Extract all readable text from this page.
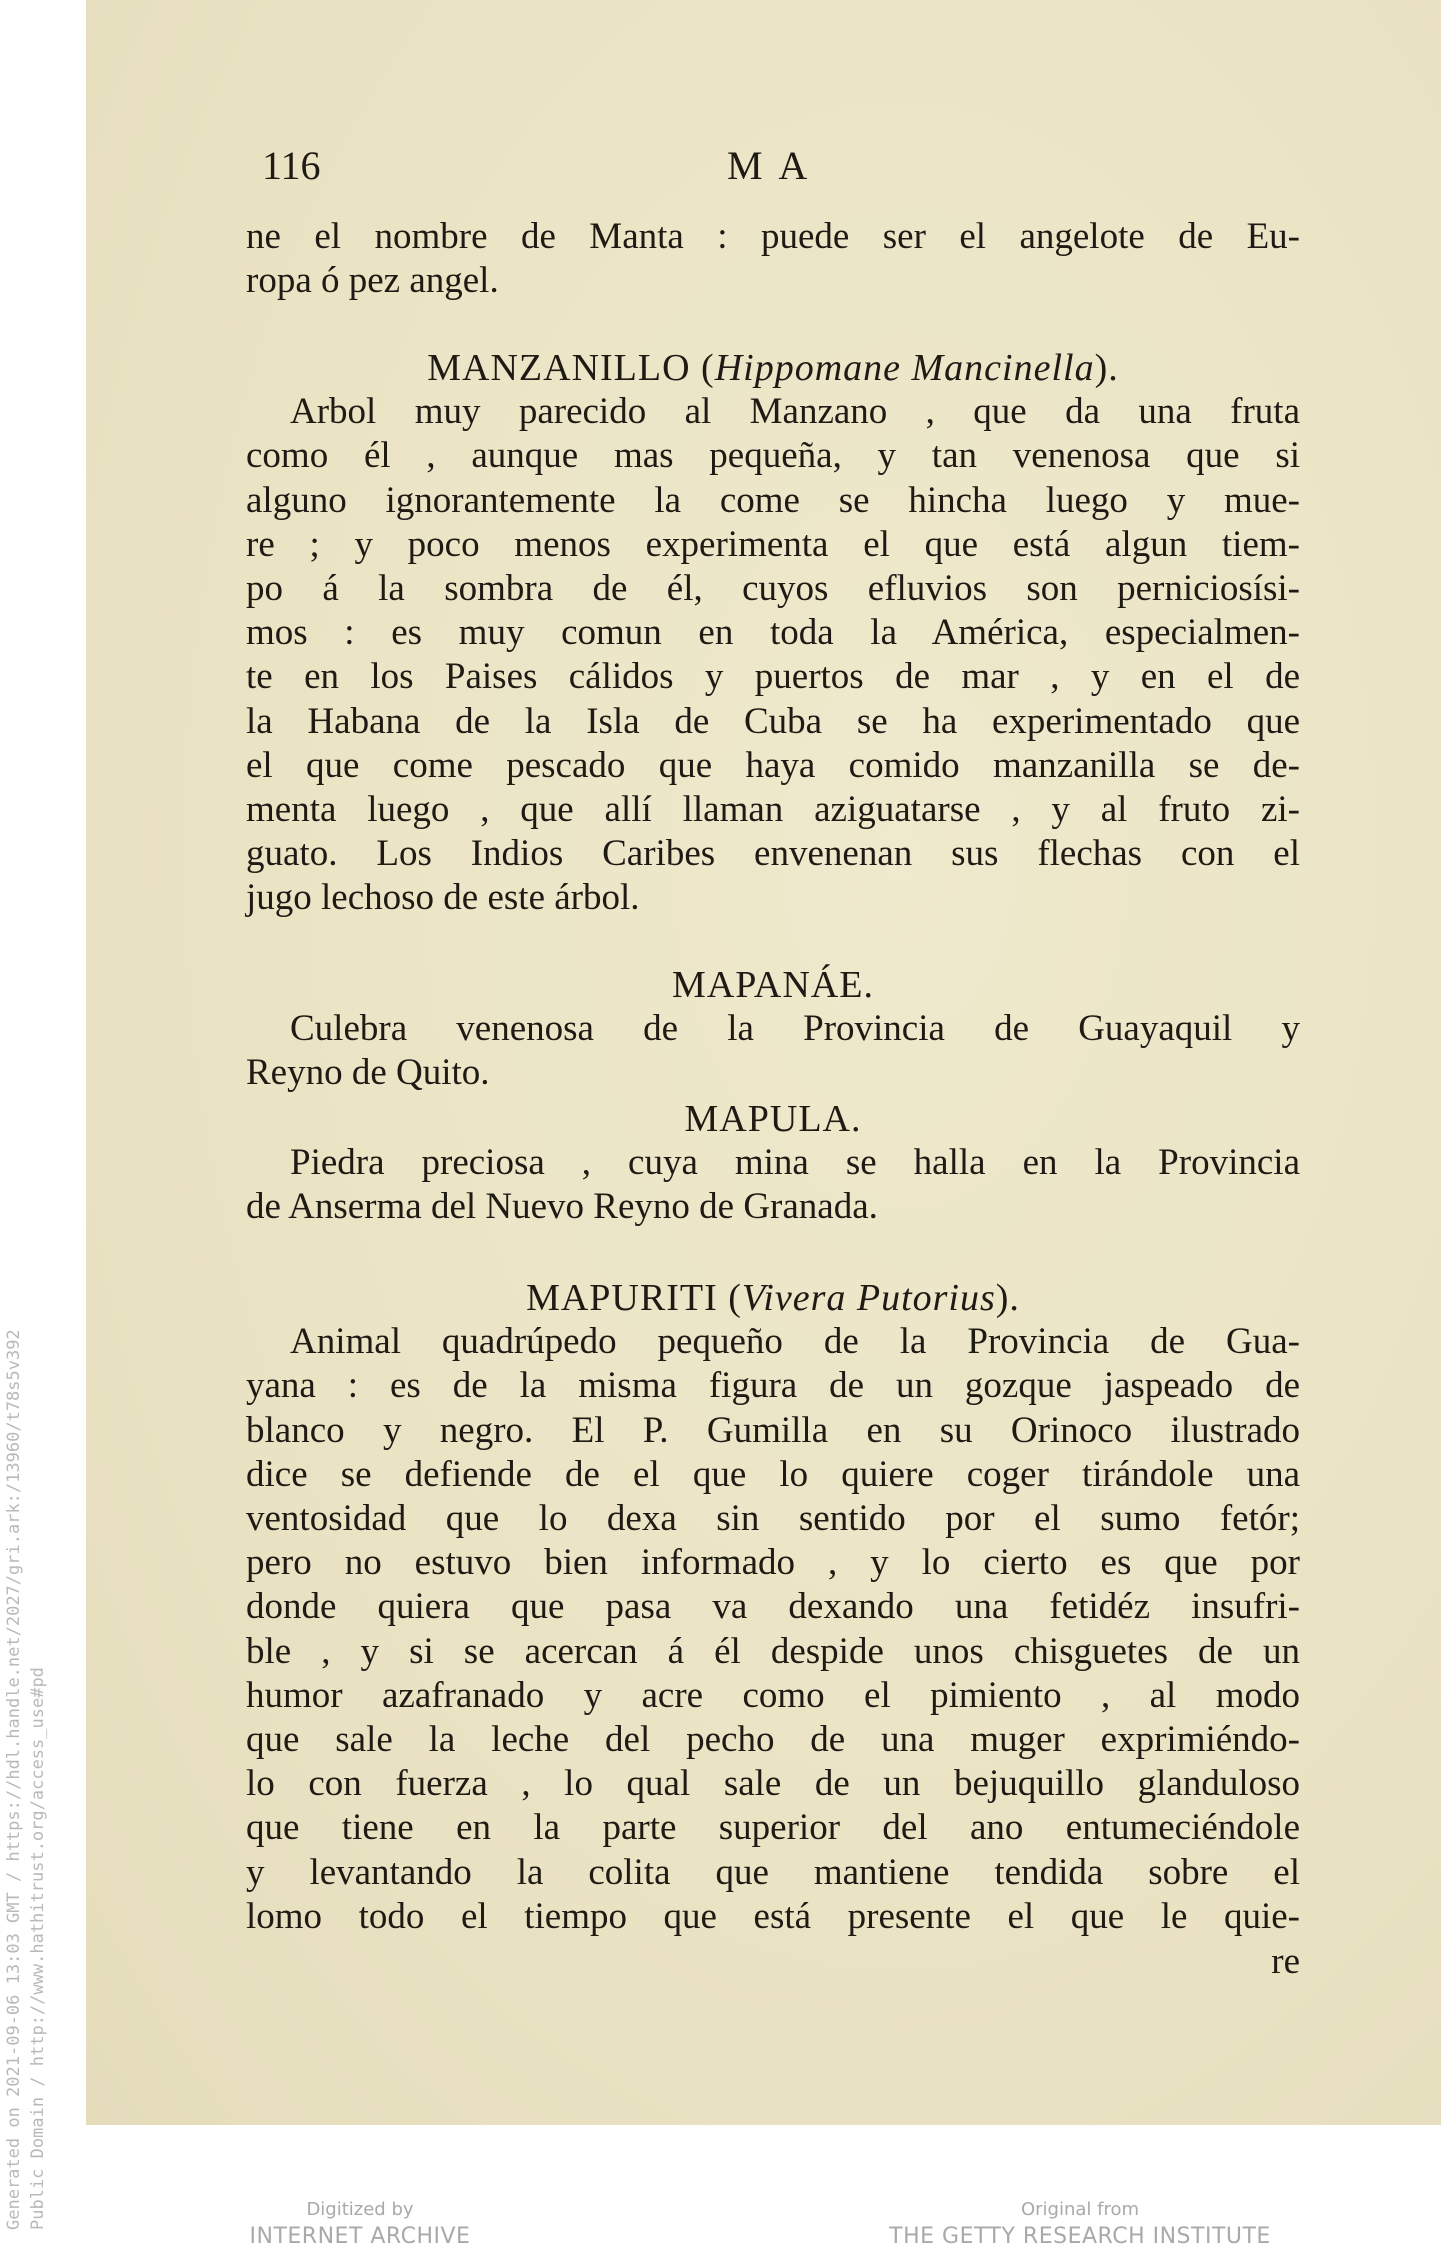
116	M A
ne el nombre de Manta : puede ser el angelote de Eu-
ropa ó pez angel.
MANZANILLO (Hippomane Mancinella).
Arbol muy parecido al Manzano , que da una fruta
como él , aunque mas pequeña, y tan venenosa que si
alguno ignorantemente la come se hincha luego y mue-
re ; y poco menos experimenta el que está algun tiem-
po á la sombra de él, cuyos efluvios son perniciosísi-
mos : es muy comun en toda la América, especialmen-
te en los Paises cálidos y puertos de mar , y en el de
la Habana de la Isla de Cuba se ha experimentado que
el que come pescado que haya comido manzanilla se de-
menta luego , que allí llaman aziguatarse , y al fruto zi-
guato. Los Indios Caribes envenenan sus flechas con el
jugo lechoso de este árbol.
MAPANÁE.
Culebra venenosa de la Provincia de Guayaquil y
Reyno de Quito.
MAPULA.
Piedra preciosa , cuya mina se halla en la Provincia
de Anserma del Nuevo Reyno de Granada.
MAPURITI (Vivera Putorius).
Animal quadrúpedo pequeño de la Provincia de Gua-
yana : es de la misma figura de un gozque jaspeado de
blanco y negro. El P. Gumilla en su Orinoco ilustrado
dice se defiende de el que lo quiere coger tirándole una
ventosidad que lo dexa sin sentido por el sumo fetór;
pero no estuvo bien informado , y lo cierto es que por
donde quiera que pasa va dexando una fetidéz insufri-
ble , y si se acercan á él despide unos chisguetes de un
humor azafranado y acre como el pimiento , al modo
que sale la leche del pecho de una muger exprimiéndo-
lo con fuerza , lo qual sale de un bejuquillo glanduloso
que tiene en la parte superior del ano entumeciéndole
y levantando la colita que mantiene tendida sobre el
lomo todo el tiempo que está presente el que le quie-
re
Generated on 2021-09-06 13:03 GMT / https://hdl.handle.net/2027/gri.ark:/13960/t78s5v392 Public Domain / http://www.hathitrust.org/access_use#pd	Digitized by
INTERNET ARCHIVE
Original from
THE GETTY RESEARCH INSTITUTE
